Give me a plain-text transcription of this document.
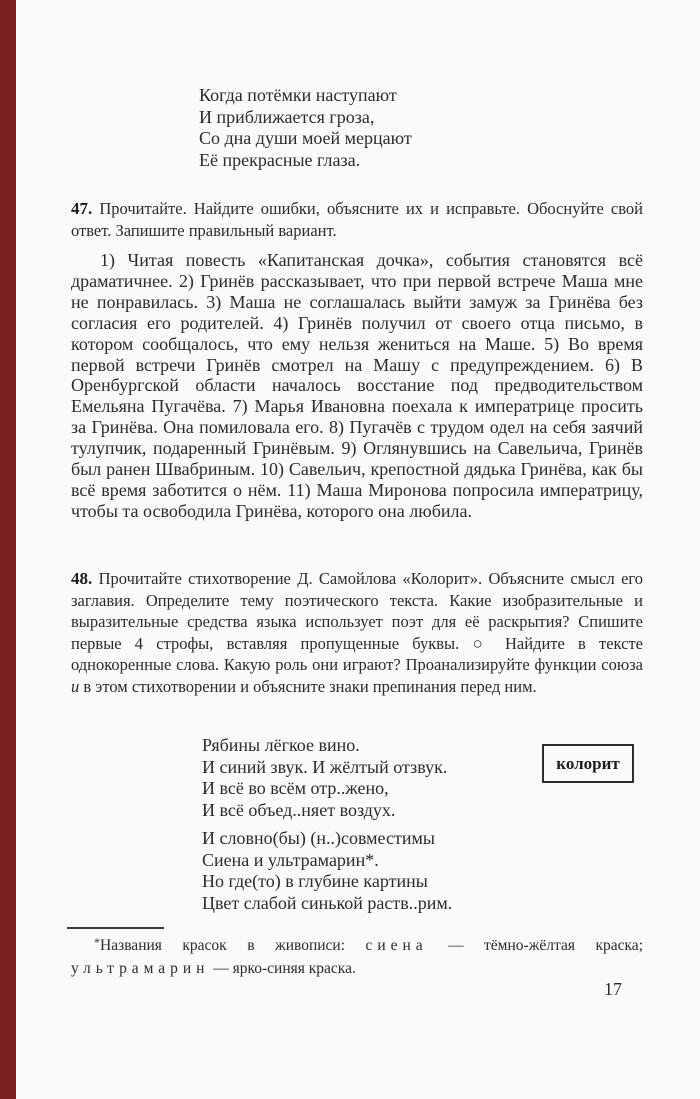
Когда потёмки наступают
И приближается гроза,
Со дна души моей мерцают
Её прекрасные глаза.
47. Прочитайте. Найдите ошибки, объясните их и исправьте. Обоснуйте свой ответ. Запишите правильный вариант.

1) Читая повесть «Капитанская дочка», события становятся всё драматичнее. 2) Гринёв рассказывает, что при первой встрече Маша мне не понравилась. 3) Маша не соглашалась выйти замуж за Гринёва без согласия его родителей. 4) Гринёв получил от своего отца письмо, в котором сообщалось, что ему нельзя жениться на Маше. 5) Во время первой встречи Гринёв смотрел на Машу с предупреждением. 6) В Оренбургской области началось восстание под предводительством Емельяна Пугачёва. 7) Марья Ивановна поехала к императрице просить за Гринёва. Она помиловала его. 8) Пугачёв с трудом одел на себя заячий тулупчик, подаренный Гринёвым. 9) Оглянувшись на Савельича, Гринёв был ранен Швабриным. 10) Савельич, крепостной дядька Гринёва, как бы всё время заботится о нём. 11) Маша Миронова попросила императрицу, чтобы та освободила Гринёва, которого она любила.

48. Прочитайте стихотворение Д. Самойлова «Колорит». Объясните смысл его заглавия. Определите тему поэтического текста. Какие изобразительные и выразительные средства языка использует поэт для её раскрытия? Спишите первые 4 строфы, вставляя пропущенные буквы. ○ Найдите в тексте однокоренные слова. Какую роль они играют? Проанализируйте функции союза и в этом стихотворении и объясните знаки препинания перед ним.
Рябины лёгкое вино.
И синий звук. И жёлтый отзвук.
И всё во всём отр..жено,
И всё объед..няет воздух.
И словно(бы) (н..)совместимы
Сиена и ультрамарин*.
Но где(то) в глубине картины
Цвет слабой синькой раств..рим.
колорит

*Названия красок в живописи: сиена — тёмно-жёлтая краска; ультрамарин — ярко-синяя краска.

17
